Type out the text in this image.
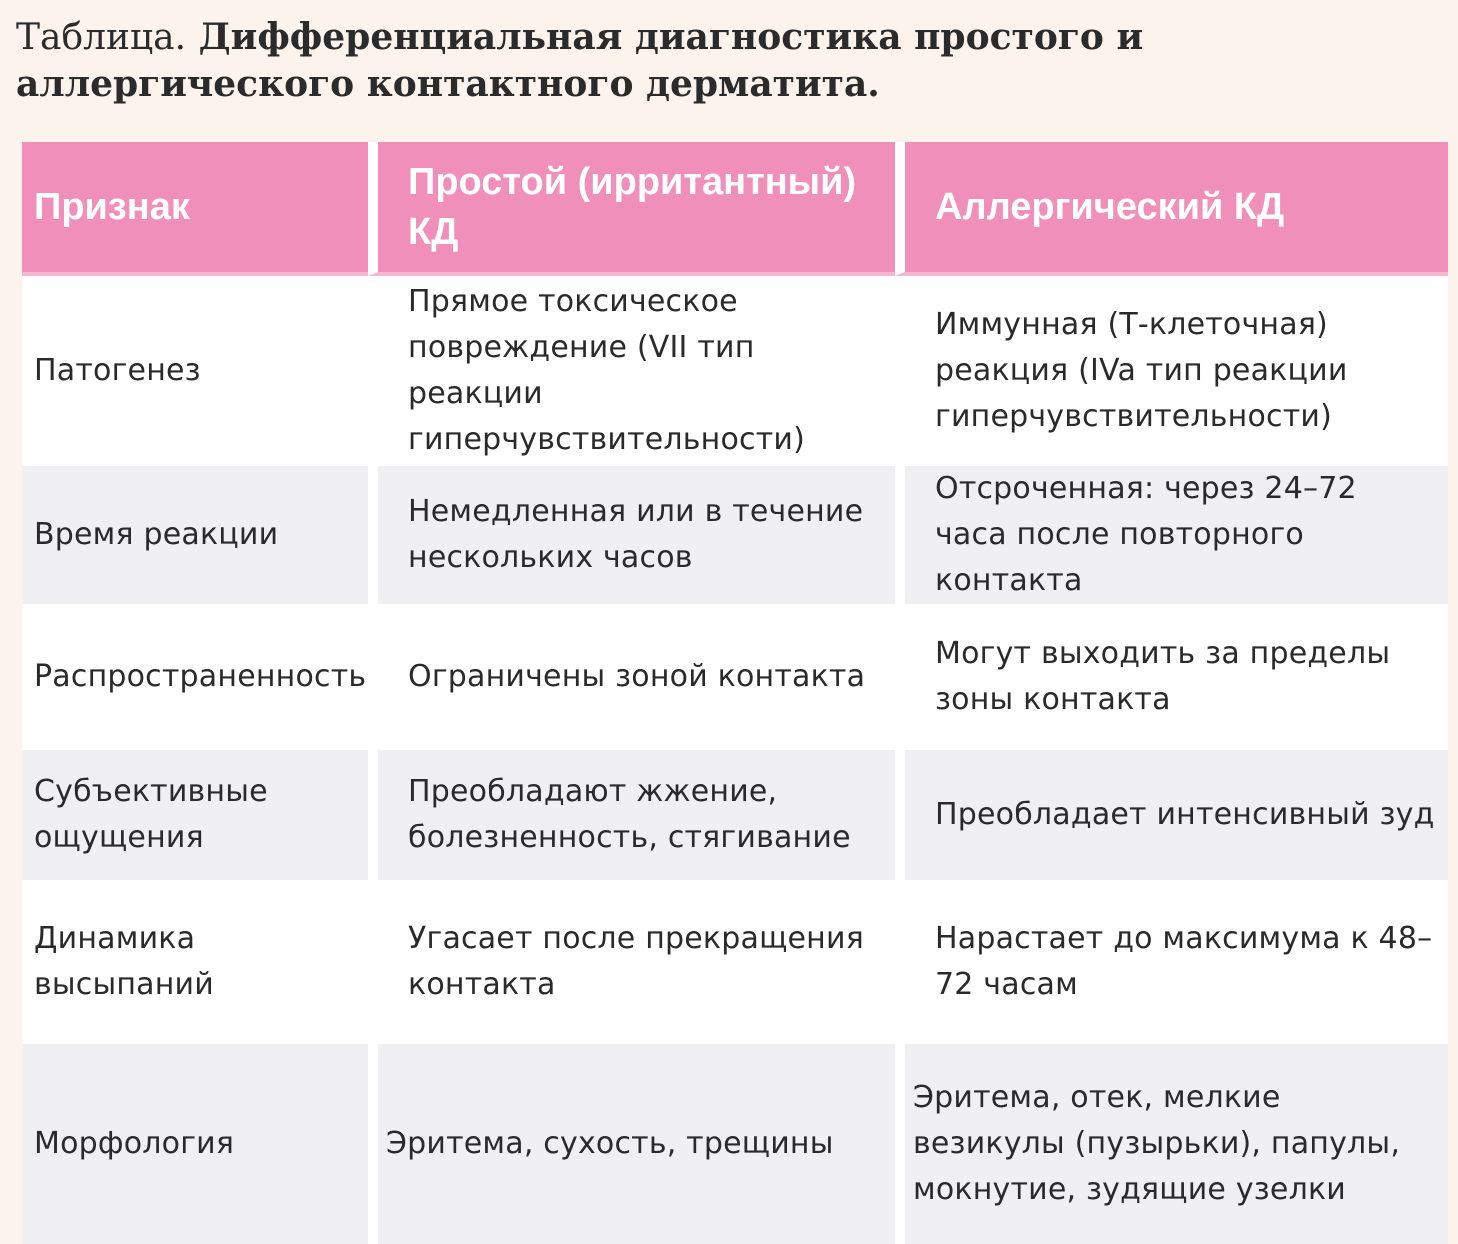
Таблица. Дифференциальная диагностика простого и аллергического контактного дерматита.
Признак	Простой (ирритантный) КД	Аллергический КД
Патогенез	Прямое токсическое повреждение (VII тип реакции гиперчувствительности)	Иммунная (Т-клеточная) реакция (IVa тип реакции гиперчувствительности)
Время реакции	Немедленная или в течение нескольких часов	Отсроченная: через 24–72 часа после повторного контакта
Распространенность	Ограничены зоной контакта	Могут выходить за пределы зоны контакта
Субъективные ощущения	Преобладают жжение, болезненность, стягивание	Преобладает интенсивный зуд
Динамика высыпаний	Угасает после прекращения контакта	Нарастает до максимума к 48–72 часам
Морфология	Эритема, сухость, трещины	Эритема, отек, мелкие везикулы (пузырьки), папулы, мокнутие, зудящие узелки
